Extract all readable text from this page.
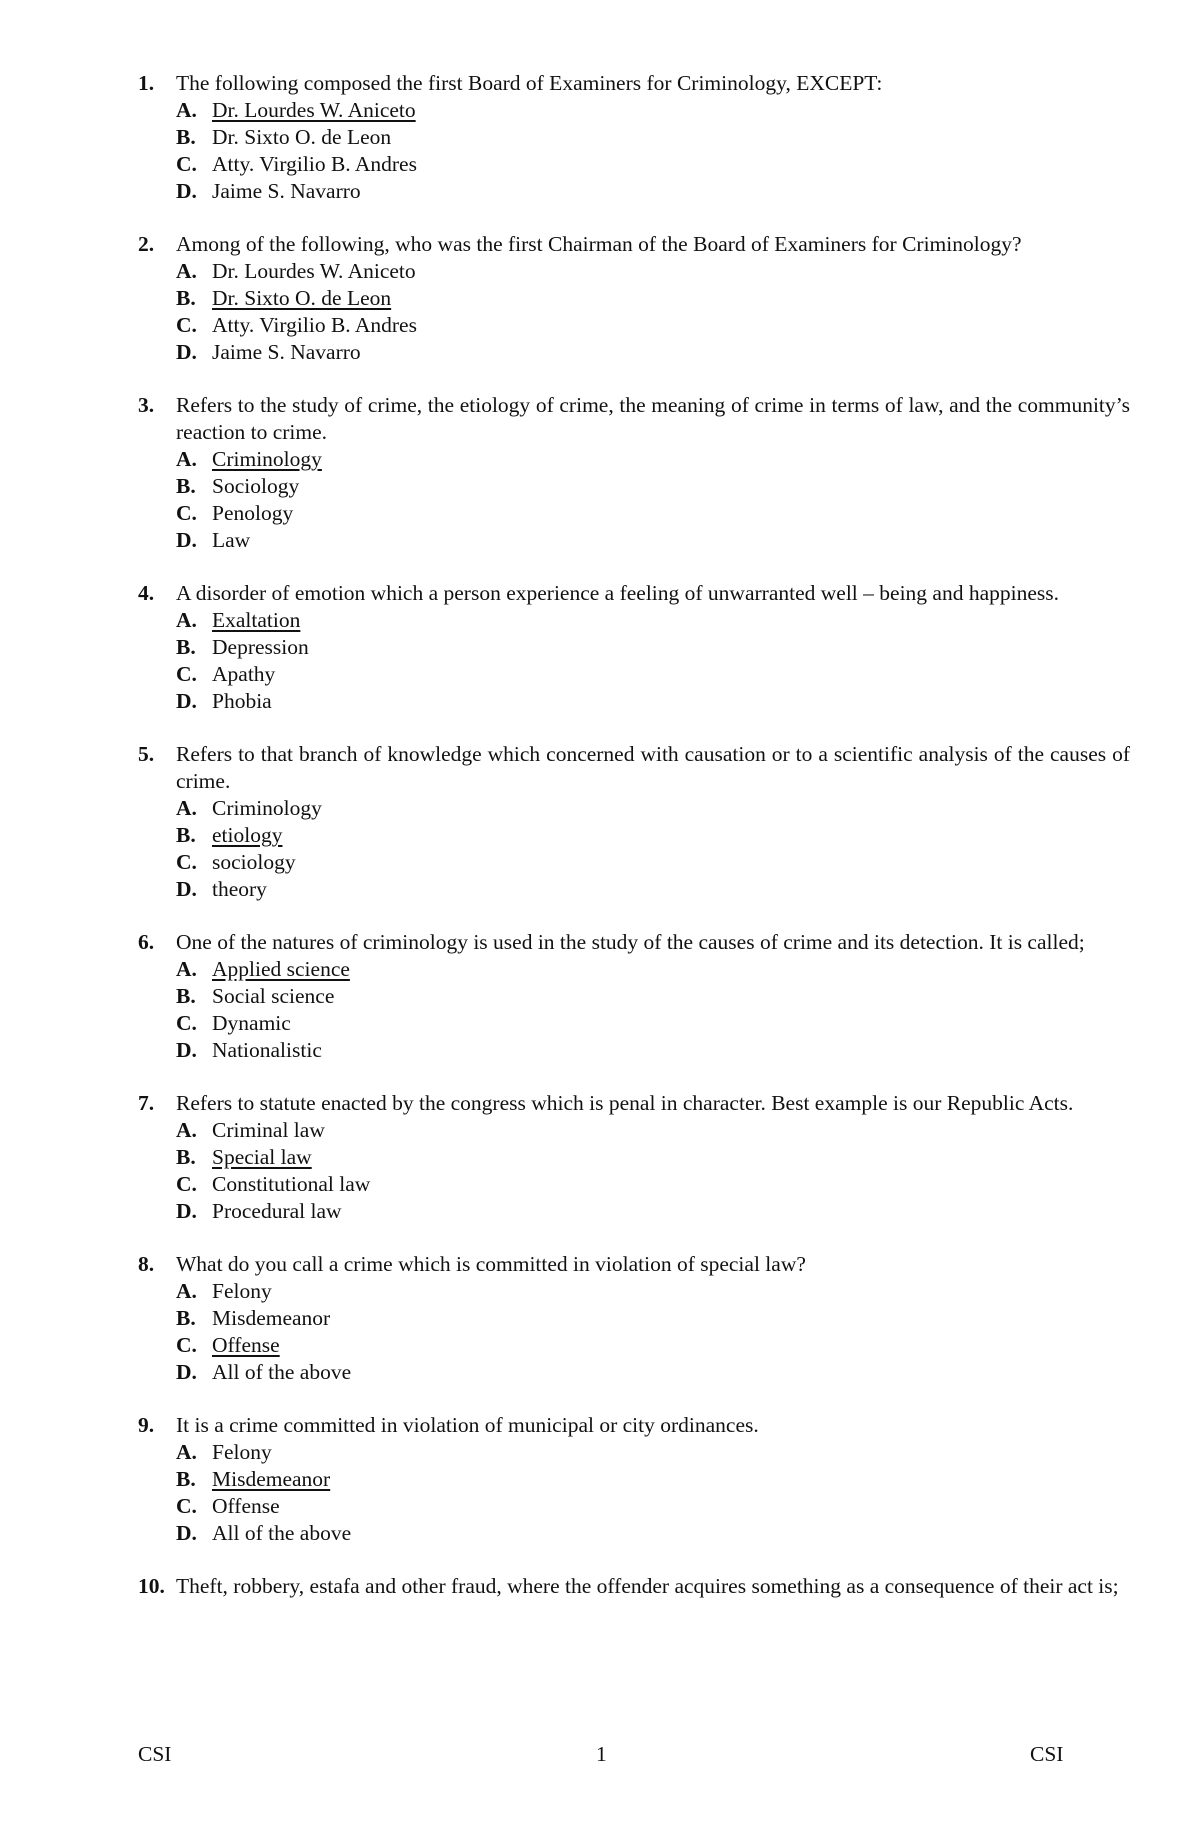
1. The following composed the first Board of Examiners for Criminology, EXCEPT:
A. Dr. Lourdes W. Aniceto
B. Dr. Sixto O. de Leon
C. Atty. Virgilio B. Andres
D. Jaime S. Navarro
2. Among of the following, who was the first Chairman of the Board of Examiners for Criminology?
A. Dr. Lourdes W. Aniceto
B. Dr. Sixto O. de Leon
C. Atty. Virgilio B. Andres
D. Jaime S. Navarro
3. Refers to the study of crime, the etiology of crime, the meaning of crime in terms of law, and the community’s reaction to crime.
A. Criminology
B. Sociology
C. Penology
D. Law
4. A disorder of emotion which a person experience a feeling of unwarranted well – being and happiness.
A. Exaltation
B. Depression
C. Apathy
D. Phobia
5. Refers to that branch of knowledge which concerned with causation or to a scientific analysis of the causes of crime.
A. Criminology
B. etiology
C. sociology
D. theory
6. One of the natures of criminology is used in the study of the causes of crime and its detection. It is called;
A. Applied science
B. Social science
C. Dynamic
D. Nationalistic
7. Refers to statute enacted by the congress which is penal in character. Best example is our Republic Acts.
A. Criminal law
B. Special law
C. Constitutional law
D. Procedural law
8. What do you call a crime which is committed in violation of special law?
A. Felony
B. Misdemeanor
C. Offense
D. All of the above
9. It is a crime committed in violation of municipal or city ordinances.
A. Felony
B. Misdemeanor
C. Offense
D. All of the above
10. Theft, robbery, estafa and other fraud, where the offender acquires something as a consequence of their act is;
CSI	1	CSI
